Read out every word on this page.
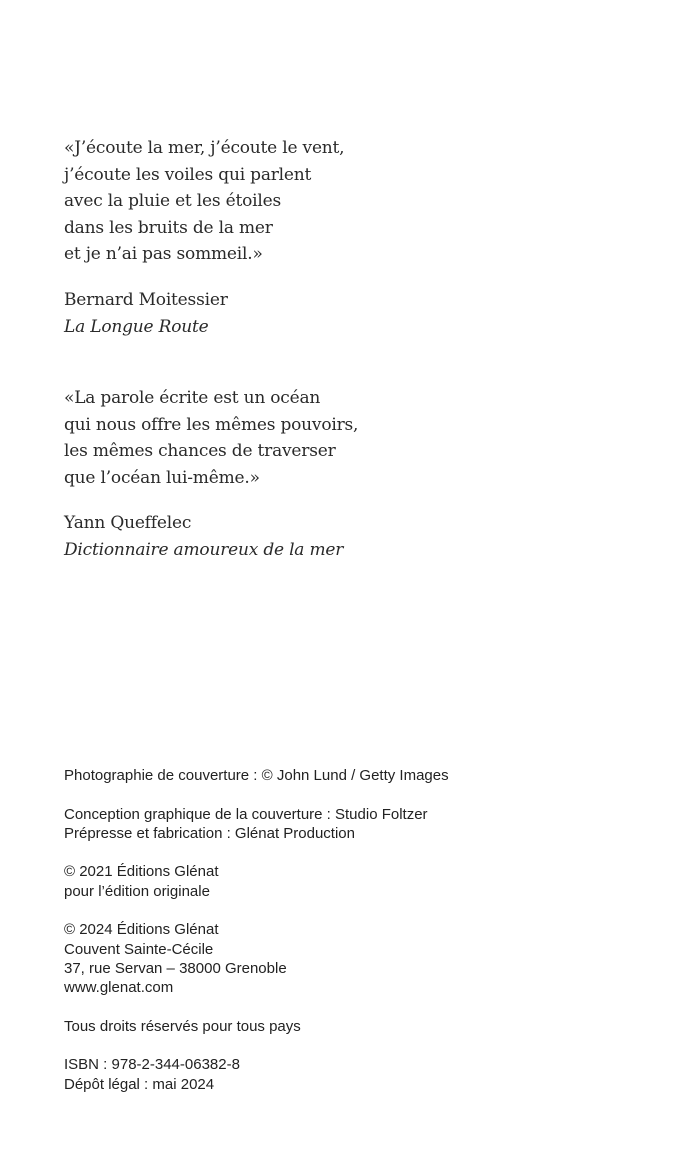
«J’écoute la mer, j’écoute le vent,
j’écoute les voiles qui parlent
avec la pluie et les étoiles
dans les bruits de la mer
et je n’ai pas sommeil.»
Bernard Moitessier
La Longue Route
«La parole écrite est un océan
qui nous offre les mêmes pouvoirs,
les mêmes chances de traverser
que l’océan lui-même.»
Yann Queffelec
Dictionnaire amoureux de la mer
Photographie de couverture : © John Lund / Getty Images
Conception graphique de la couverture : Studio Foltzer
Prépresse et fabrication : Glénat Production
© 2021 Éditions Glénat
pour l’édition originale
© 2024 Éditions Glénat
Couvent Sainte-Cécile
37, rue Servan – 38000 Grenoble
www.glenat.com
Tous droits réservés pour tous pays
ISBN : 978-2-344-06382-8
Dépôt légal : mai 2024
